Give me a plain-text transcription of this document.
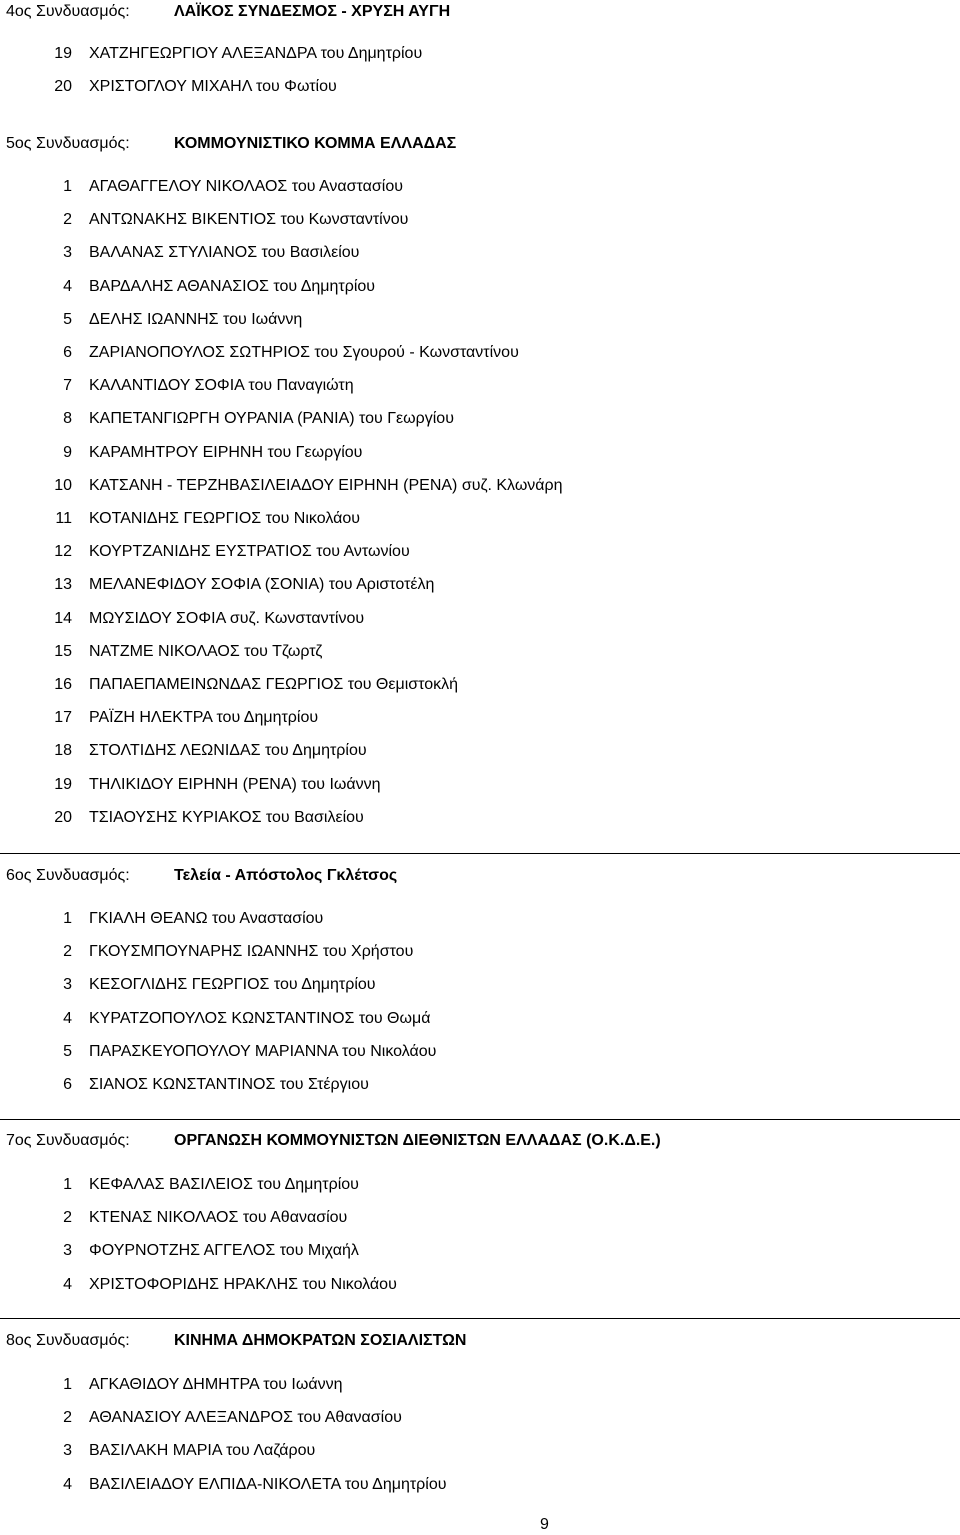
4ος Συνδυασμός:	ΛΑΪΚΟΣ ΣΥΝΔΕΣΜΟΣ - ΧΡΥΣΗ ΑΥΓΗ
19 ΧΑΤΖΗΓΕΩΡΓΙΟΥ ΑΛΕΞΑΝΔΡΑ του Δημητρίου
20 ΧΡΙΣΤΟΓΛΟΥ ΜΙΧΑΗΛ του Φωτίου
5ος Συνδυασμός:	ΚΟΜΜΟΥΝΙΣΤΙΚΟ ΚΟΜΜΑ ΕΛΛΑΔΑΣ
1 ΑΓΑΘΑΓΓΕΛΟΥ ΝΙΚΟΛΑΟΣ του Αναστασίου
2 ΑΝΤΩΝΑΚΗΣ ΒΙΚΕΝΤΙΟΣ του Κωνσταντίνου
3 ΒΑΛΑΝΑΣ ΣΤΥΛΙΑΝΟΣ του Βασιλείου
4 ΒΑΡΔΑΛΗΣ ΑΘΑΝΑΣΙΟΣ του Δημητρίου
5 ΔΕΛΗΣ ΙΩΑΝΝΗΣ του Ιωάννη
6 ΖΑΡΙΑΝΟΠΟΥΛΟΣ ΣΩΤΗΡΙΟΣ του Σγουρού - Κωνσταντίνου
7 ΚΑΛΑΝΤΙΔΟΥ ΣΟΦΙΑ του Παναγιώτη
8 ΚΑΠΕΤΑΝΓΙΩΡΓΗ ΟΥΡΑΝΙΑ (ΡΑΝΙΑ) του Γεωργίου
9 ΚΑΡΑΜΗΤΡΟΥ ΕΙΡΗΝΗ του Γεωργίου
10 ΚΑΤΣΑΝΗ - ΤΕΡΖΗΒΑΣΙΛΕΙΑΔΟΥ ΕΙΡΗΝΗ (ΡΕΝΑ) συζ. Κλωνάρη
11 ΚΟΤΑΝΙΔΗΣ ΓΕΩΡΓΙΟΣ του Νικολάου
12 ΚΟΥΡΤΖΑΝΙΔΗΣ ΕΥΣΤΡΑΤΙΟΣ του Αντωνίου
13 ΜΕΛΑΝΕΦΙΔΟΥ ΣΟΦΙΑ (ΣΟΝΙΑ) του Αριστοτέλη
14 ΜΩΥΣΙΔΟΥ ΣΟΦΙΑ συζ. Κωνσταντίνου
15 ΝΑΤΖΜΕ ΝΙΚΟΛΑΟΣ του Τζωρτζ
16 ΠΑΠΑΕΠΑΜΕΙΝΩΝΔΑΣ ΓΕΩΡΓΙΟΣ του Θεμιστοκλή
17 ΡΑΪΖΗ ΗΛΕΚΤΡΑ του Δημητρίου
18 ΣΤΟΛΤΙΔΗΣ ΛΕΩΝΙΔΑΣ του Δημητρίου
19 ΤΗΛΙΚΙΔΟΥ ΕΙΡΗΝΗ (ΡΕΝΑ) του Ιωάννη
20 ΤΣΙΑΟΥΣΗΣ ΚΥΡΙΑΚΟΣ του Βασιλείου
6ος Συνδυασμός:	Τελεία - Απόστολος Γκλέτσος
1 ΓΚΙΑΛΗ ΘΕΑΝΩ του Αναστασίου
2 ΓΚΟΥΣΜΠΟΥΝΑΡΗΣ ΙΩΑΝΝΗΣ του Χρήστου
3 ΚΕΣΟΓΛΙΔΗΣ ΓΕΩΡΓΙΟΣ του Δημητρίου
4 ΚΥΡΑΤΖΟΠΟΥΛΟΣ ΚΩΝΣΤΑΝΤΙΝΟΣ του Θωμά
5 ΠΑΡΑΣΚΕΥΟΠΟΥΛΟΥ ΜΑΡΙΑΝΝΑ του Νικολάου
6 ΣΙΑΝΟΣ ΚΩΝΣΤΑΝΤΙΝΟΣ του Στέργιου
7ος Συνδυασμός:	ΟΡΓΑΝΩΣΗ ΚΟΜΜΟΥΝΙΣΤΩΝ ΔΙΕΘΝΙΣΤΩΝ ΕΛΛΑΔΑΣ (Ο.Κ.Δ.Ε.)
1 ΚΕΦΑΛΑΣ ΒΑΣΙΛΕΙΟΣ του Δημητρίου
2 ΚΤΕΝΑΣ ΝΙΚΟΛΑΟΣ του Αθανασίου
3 ΦΟΥΡΝΟΤΖΗΣ ΑΓΓΕΛΟΣ του Μιχαήλ
4 ΧΡΙΣΤΟΦΟΡΙΔΗΣ ΗΡΑΚΛΗΣ του Νικολάου
8ος Συνδυασμός:	ΚΙΝΗΜΑ ΔΗΜΟΚΡΑΤΩΝ ΣΟΣΙΑΛΙΣΤΩΝ
1 ΑΓΚΑΘΙΔΟΥ ΔΗΜΗΤΡΑ του Ιωάννη
2 ΑΘΑΝΑΣΙΟΥ ΑΛΕΞΑΝΔΡΟΣ του Αθανασίου
3 ΒΑΣΙΛΑΚΗ ΜΑΡΙΑ του Λαζάρου
4 ΒΑΣΙΛΕΙΑΔΟΥ ΕΛΠΙΔΑ-ΝΙΚΟΛΕΤΑ του Δημητρίου
9
